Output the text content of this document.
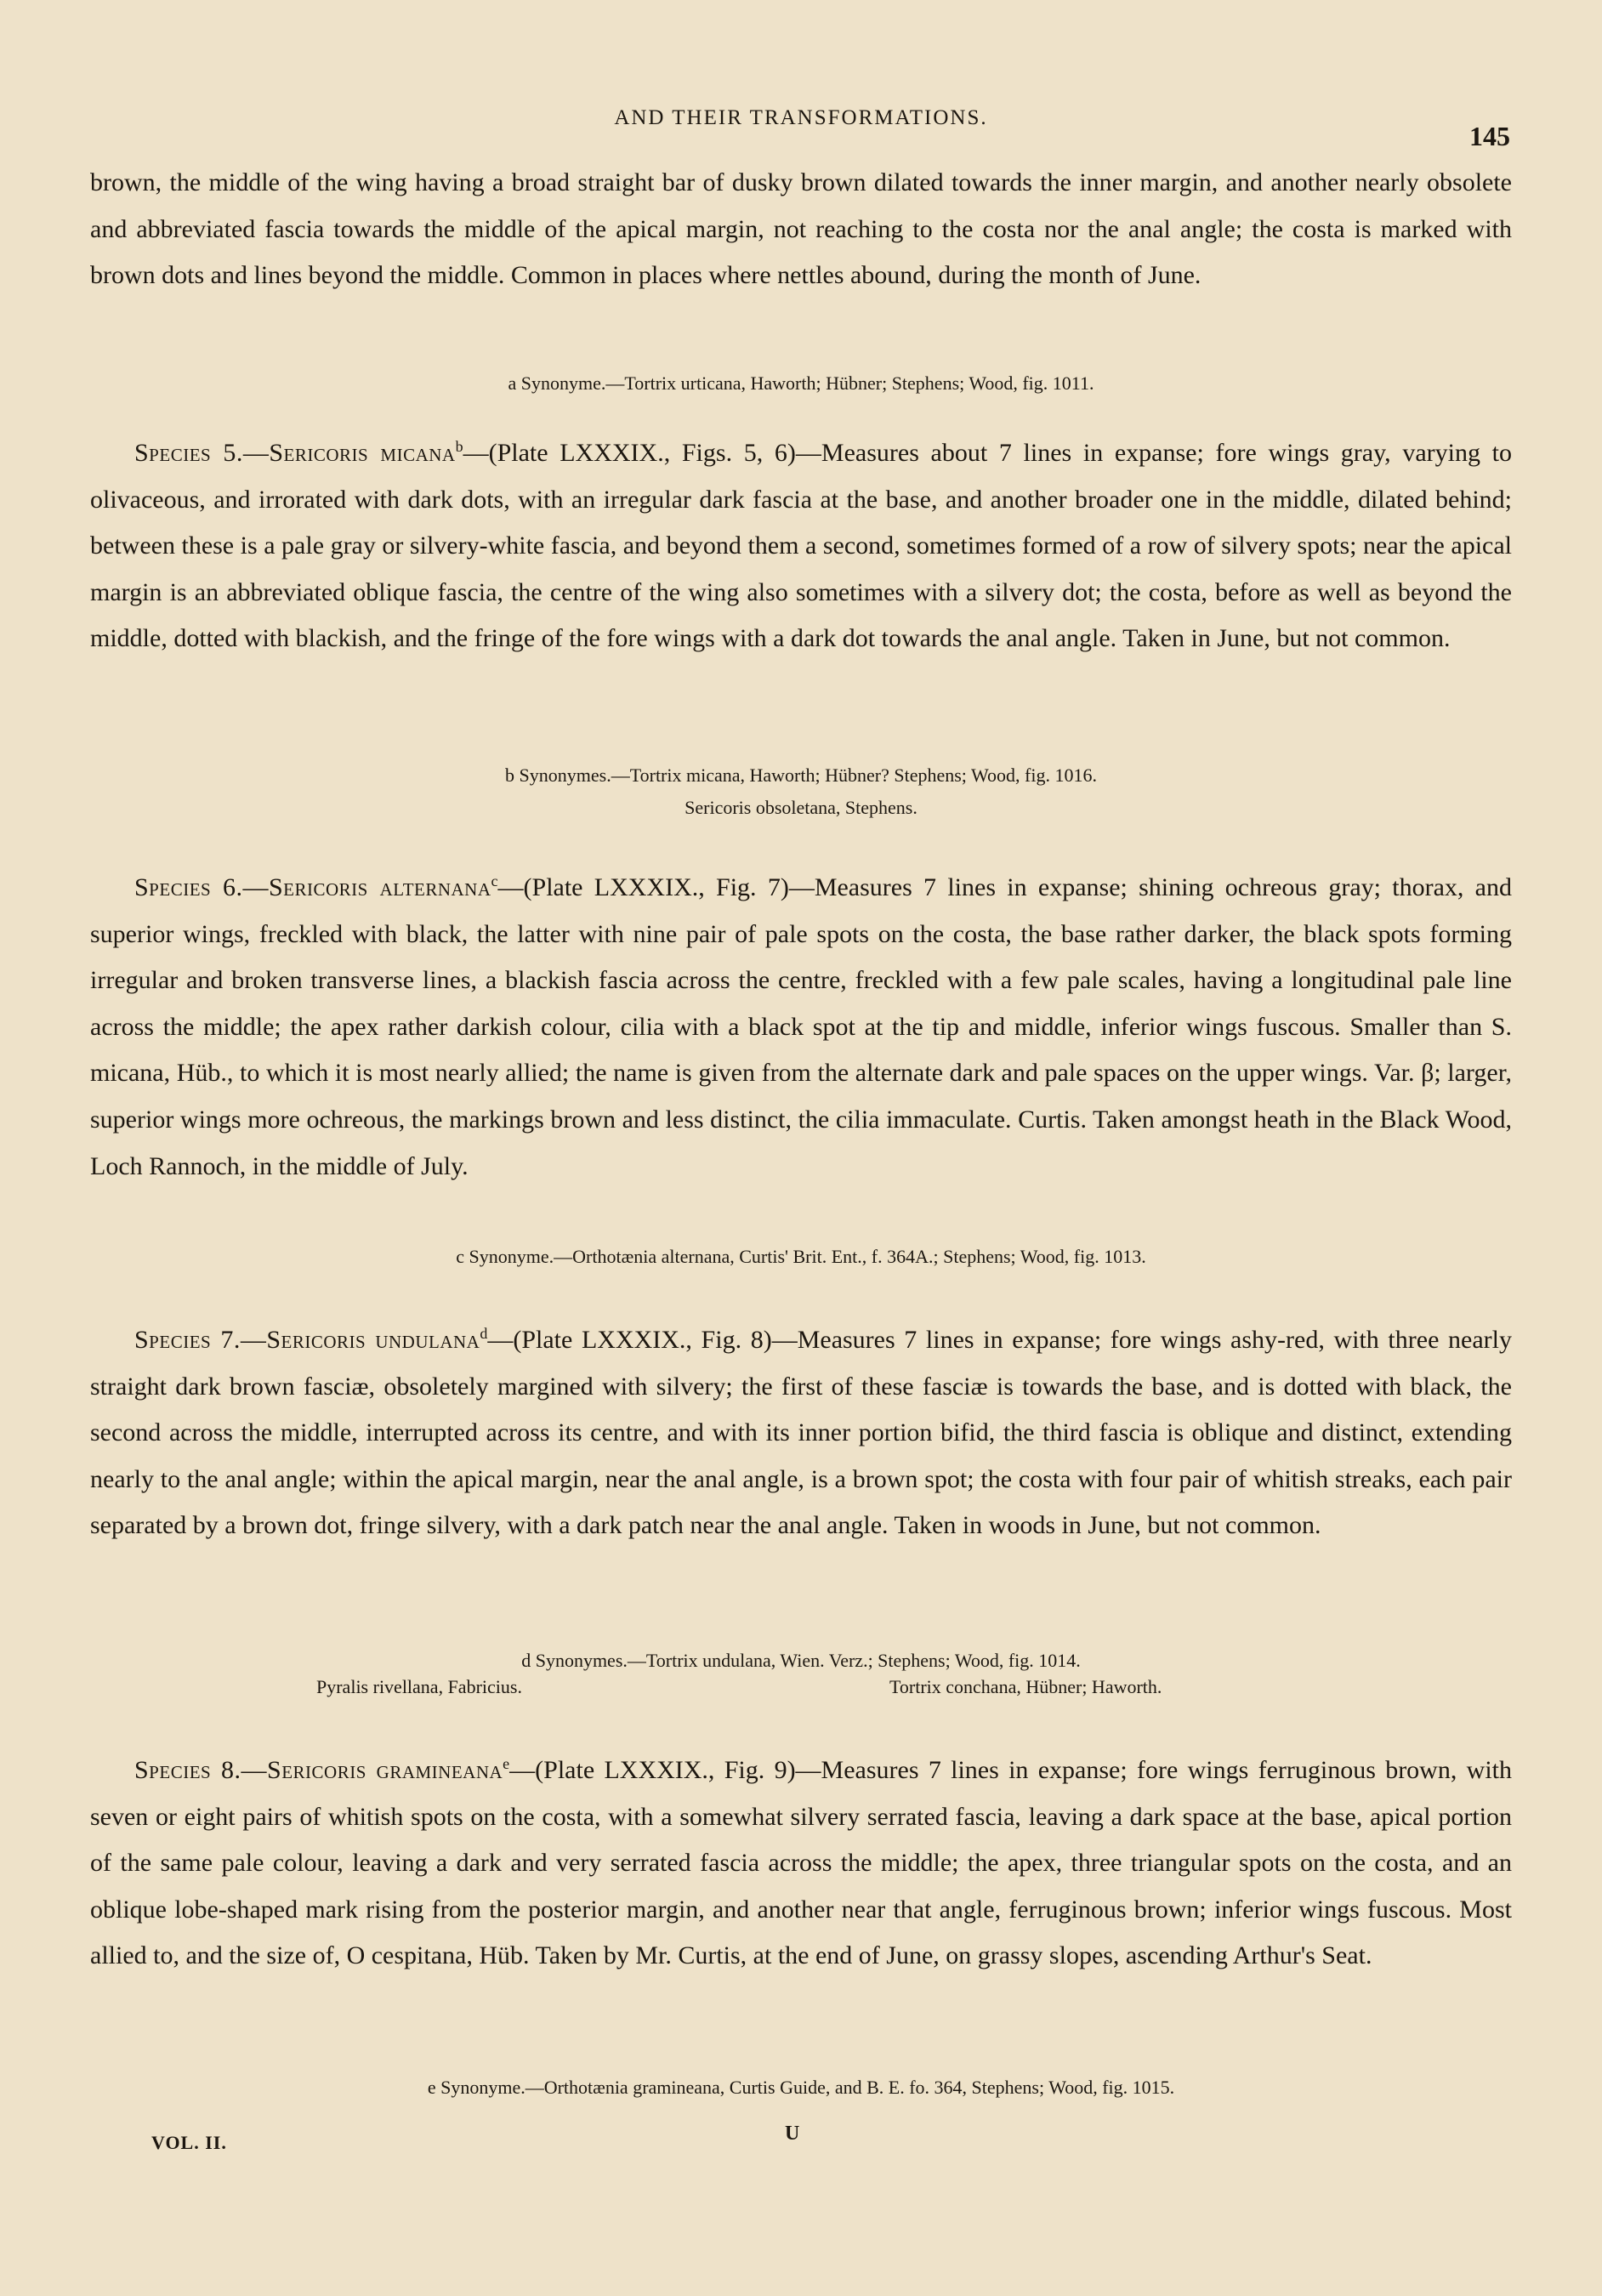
AND THEIR TRANSFORMATIONS.
145

brown, the middle of the wing having a broad straight bar of dusky brown dilated towards the inner margin, and another nearly obsolete and abbreviated fascia towards the middle of the apical margin, not reaching to the costa nor the anal angle; the costa is marked with brown dots and lines beyond the middle. Common in places where nettles abound, during the month of June.

a Synonyme.—Tortrix urticana, Haworth; Hübner; Stephens; Wood, fig. 1011.

Species 5.—Sericoris micana$^b$—(Plate LXXXIX., Figs. 5, 6)—Measures about 7 lines in expanse; fore wings gray, varying to olivaceous, and irrorated with dark dots, with an irregular dark fascia at the base, and another broader one in the middle, dilated behind; between these is a pale gray or silvery-white fascia, and beyond them a second, sometimes formed of a row of silvery spots; near the apical margin is an abbreviated oblique fascia, the centre of the wing also sometimes with a silvery dot; the costa, before as well as beyond the middle, dotted with blackish, and the fringe of the fore wings with a dark dot towards the anal angle. Taken in June, but not common.

b Synonymes.—Tortrix micana, Haworth; Hübner? Stephens; Wood, fig. 1016.

Sericoris obsoletana, Stephens.

Species 6.—Sericoris alternana$^c$—(Plate LXXXIX., Fig. 7)—Measures 7 lines in expanse; shining ochreous gray; thorax, and superior wings, freckled with black, the latter with nine pair of pale spots on the costa, the base rather darker, the black spots forming irregular and broken transverse lines, a blackish fascia across the centre, freckled with a few pale scales, having a longitudinal pale line across the middle; the apex rather darkish colour, cilia with a black spot at the tip and middle, inferior wings fuscous. Smaller than S. micana, Hüb., to which it is most nearly allied; the name is given from the alternate dark and pale spaces on the upper wings. Var. β; larger, superior wings more ochreous, the markings brown and less distinct, the cilia immaculate. Curtis. Taken amongst heath in the Black Wood, Loch Rannoch, in the middle of July.

c Synonyme.—Orthotænia alternana, Curtis' Brit. Ent., f. 364A.; Stephens; Wood, fig. 1013.

Species 7.—Sericoris undulana$^d$—(Plate LXXXIX., Fig. 8)—Measures 7 lines in expanse; fore wings ashy-red, with three nearly straight dark brown fasciæ, obsoletely margined with silvery; the first of these fasciæ is towards the base, and is dotted with black, the second across the middle, interrupted across its centre, and with its inner portion bifid, the third fascia is oblique and distinct, extending nearly to the anal angle; within the apical margin, near the anal angle, is a brown spot; the costa with four pair of whitish streaks, each pair separated by a brown dot, fringe silvery, with a dark patch near the anal angle. Taken in woods in June, but not common.

d Synonymes.—Tortrix undulana, Wien. Verz.; Stephens; Wood, fig. 1014.

Pyralis rivellana, Fabricius.	Tortrix conchana, Hübner; Haworth.

Species 8.—Sericoris gramineana$^e$—(Plate LXXXIX., Fig. 9)—Measures 7 lines in expanse; fore wings ferruginous brown, with seven or eight pairs of whitish spots on the costa, with a somewhat silvery serrated fascia, leaving a dark space at the base, apical portion of the same pale colour, leaving a dark and very serrated fascia across the middle; the apex, three triangular spots on the costa, and an oblique lobe-shaped mark rising from the posterior margin, and another near that angle, ferruginous brown; inferior wings fuscous. Most allied to, and the size of, O cespitana, Hüb. Taken by Mr. Curtis, at the end of June, on grassy slopes, ascending Arthur's Seat.

e Synonyme.—Orthotænia gramineana, Curtis Guide, and B. E. fo. 364, Stephens; Wood, fig. 1015.

VOL. II.	U
